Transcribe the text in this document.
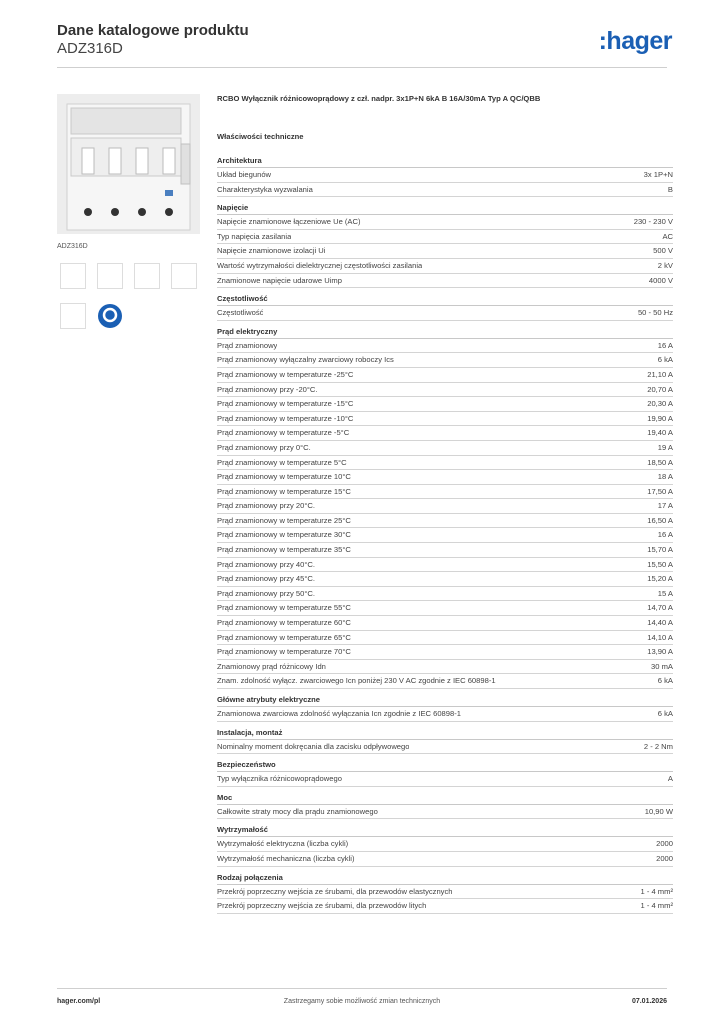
Dane katalogowe produktu
ADZ316D	:hager
ADZ316D
RCBO Wyłącznik różnicowoprądowy z czł. nadpr. 3x1P+N 6kA B 16A/30mA Typ A QC/QBB
Właściwości techniczne
Architektura
Układ biegunów	3x 1P+N
Charakterystyka wyzwalania	B
Napięcie
Napięcie znamionowe łączeniowe Ue (AC)	230 - 230 V
Typ napięcia zasilania	AC
Napięcie znamionowe izolacji Ui	500 V
Wartość wytrzymałości dielektrycznej częstotliwości zasilania	2 kV
Znamionowe napięcie udarowe Uimp	4000 V
Częstotliwość
Częstotliwość	50 - 50 Hz
Prąd elektryczny
Prąd znamionowy	16 A
Prąd znamionowy wyłączalny zwarciowy roboczy Ics	6 kA
Prąd znamionowy w temperaturze -25°C	21,10 A
Prąd znamionowy przy -20°C.	20,70 A
Prąd znamionowy w temperaturze -15°C	20,30 A
Prąd znamionowy w temperaturze -10°C	19,90 A
Prąd znamionowy w temperaturze -5°C	19,40 A
Prąd znamionowy przy 0°C.	19 A
Prąd znamionowy w temperaturze 5°C	18,50 A
Prąd znamionowy w temperaturze 10°C	18 A
Prąd znamionowy w temperaturze 15°C	17,50 A
Prąd znamionowy przy 20°C.	17 A
Prąd znamionowy w temperaturze 25°C	16,50 A
Prąd znamionowy w temperaturze 30°C	16 A
Prąd znamionowy w temperaturze 35°C	15,70 A
Prąd znamionowy przy 40°C.	15,50 A
Prąd znamionowy przy 45°C.	15,20 A
Prąd znamionowy przy 50°C.	15 A
Prąd znamionowy w temperaturze 55°C	14,70 A
Prąd znamionowy w temperaturze 60°C	14,40 A
Prąd znamionowy w temperaturze 65°C	14,10 A
Prąd znamionowy w temperaturze 70°C	13,90 A
Znamionowy prąd różnicowy Idn	30 mA
Znam. zdolność wyłącz. zwarciowego Icn poniżej 230 V AC zgodnie z IEC 60898-1	6 kA
Główne atrybuty elektryczne
Znamionowa zwarciowa zdolność wyłączania Icn zgodnie z IEC 60898-1	6 kA
Instalacja, montaż
Nominalny moment dokręcania dla zacisku odpływowego	2 - 2 Nm
Bezpieczeństwo
Typ wyłącznika różnicowoprądowego	A
Moc
Całkowite straty mocy dla prądu znamionowego	10,90 W
Wytrzymałość
Wytrzymałość elektryczna (liczba cykli)	2000
Wytrzymałość mechaniczna (liczba cykli)	2000
Rodzaj połączenia
Przekrój poprzeczny wejścia ze śrubami, dla przewodów elastycznych	1 - 4 mm²
Przekrój poprzeczny wejścia ze śrubami, dla przewodów litych	1 - 4 mm²
hager.com/pl	Zastrzegamy sobie możliwość zmian technicznych	07.01.2026
